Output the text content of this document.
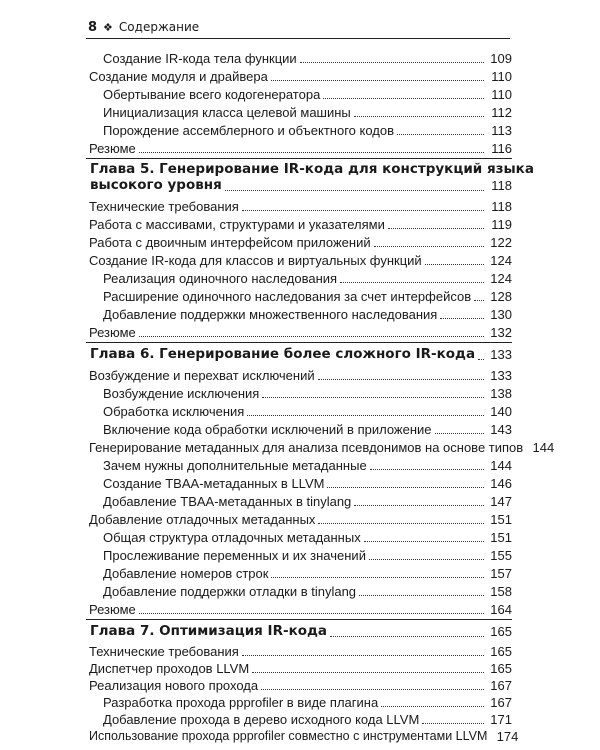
8 ❖ Содержание
Создание IR-кода тела функции	109
Создание модуля и драйвера	110
Обертывание всего кодогенератора	110
Инициализация класса целевой машины	112
Порождение ассемблерного и объектного кодов	113
Резюме	116
Глава 5. Генерирование IR-кода для конструкций языка
высокого уровня	118
Технические требования	118
Работа с массивами, структурами и указателями	119
Работа с двоичным интерфейсом приложений	122
Создание IR-кода для классов и виртуальных функций	124
Реализация одиночного наследования	124
Расширение одиночного наследования за счет интерфейсов	128
Добавление поддержки множественного наследования	130
Резюме	132
Глава 6. Генерирование более сложного IR-кода	133
Возбуждение и перехват исключений	133
Возбуждение исключения	138
Обработка исключения	140
Включение кода обработки исключений в приложение	143
Генерирование метаданных для анализа псевдонимов на основе типов 144
Зачем нужны дополнительные метаданные	144
Создание TBAA-метаданных в LLVM	146
Добавление TBAA-метаданных в tinylang	147
Добавление отладочных метаданных	151
Общая структура отладочных метаданных	151
Прослеживание переменных и их значений	155
Добавление номеров строк	157
Добавление поддержки отладки в tinylang	158
Резюме	164
Глава 7. Оптимизация IR-кода	165
Технические требования	165
Диспетчер проходов LLVM	165
Реализация нового прохода	167
Разработка прохода ppprofiler в виде плагина	167
Добавление прохода в дерево исходного кода LLVM	171
Использование прохода ppprofiler совместно с инструментами LLVM 174
